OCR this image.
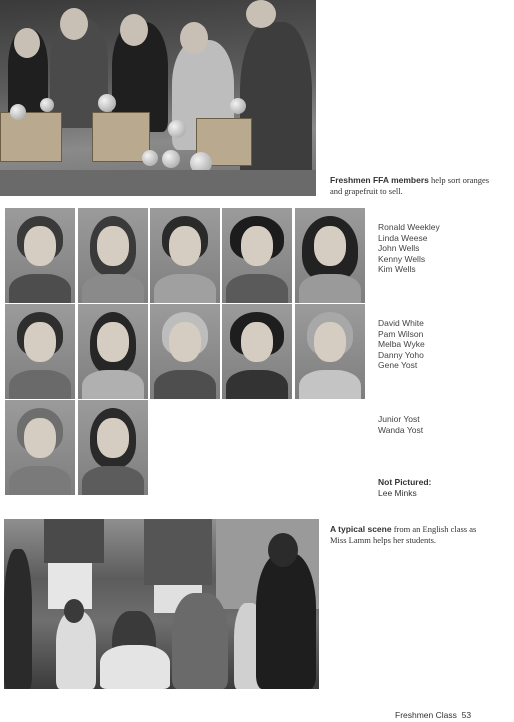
Freshmen FFA members help sort oranges and grapefruit to sell.
Ronald Weekley
Linda Weese
John Wells
Kenny Wells
Kim Wells
David White
Pam Wilson
Melba Wyke
Danny Yoho
Gene Yost
Junior Yost
Wanda Yost
Not Pictured:
Lee Minks
A typical scene from an English class as Miss Lamm helps her students.
Freshmen Class 53
